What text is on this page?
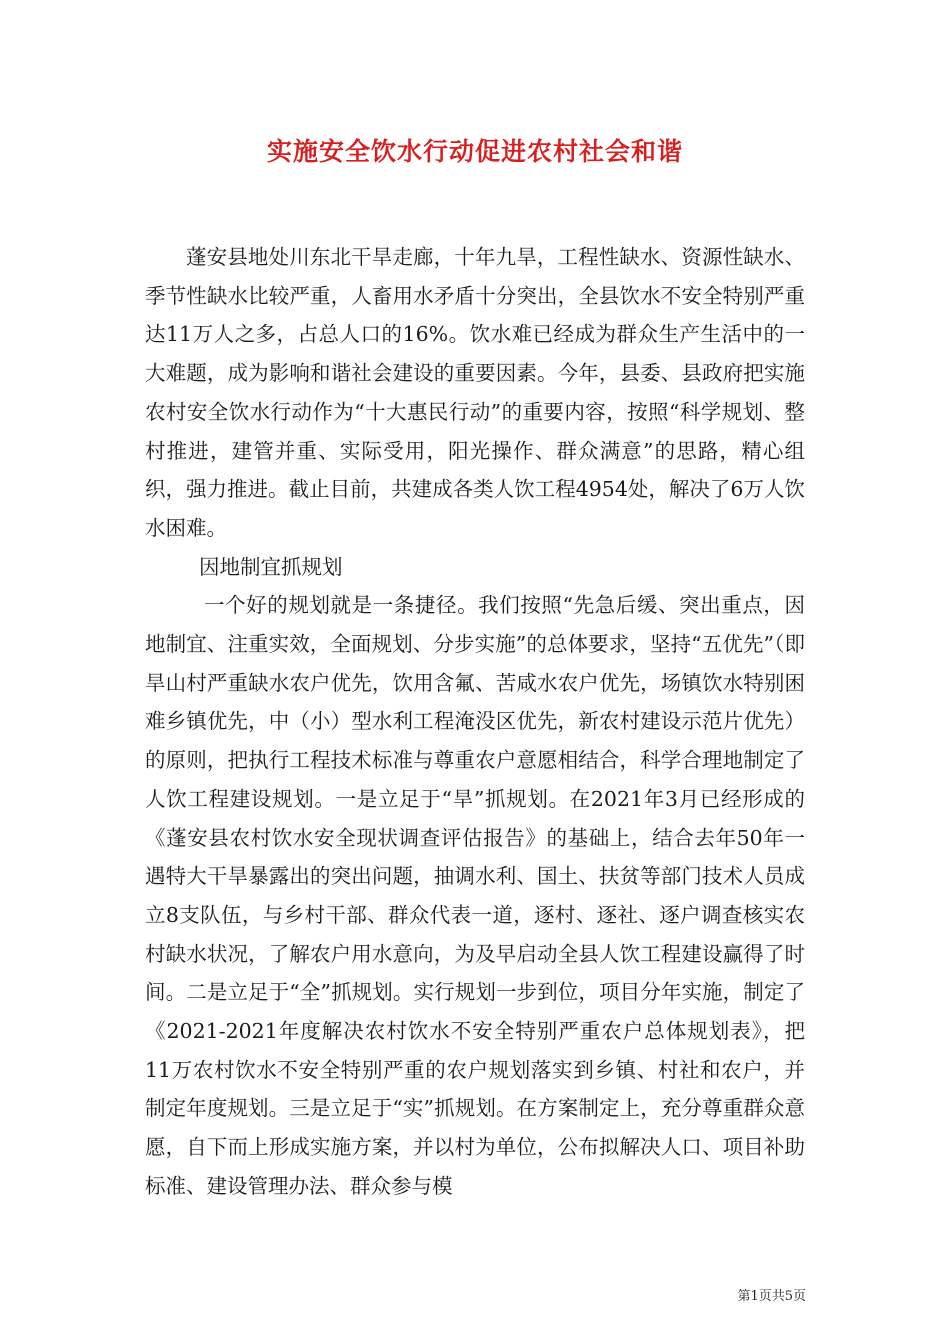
实施安全饮水行动促进农村社会和谐

蓬安县地处川东北干旱走廊，十年九旱，工程性缺水、资源性缺水、季节性缺水比较严重，人畜用水矛盾十分突出，全县饮水不安全特别严重达11万人之多，占总人口的16%。饮水难已经成为群众生产生活中的一大难题，成为影响和谐社会建设的重要因素。今年，县委、县政府把实施农村安全饮水行动作为“十大惠民行动”的重要内容，按照“科学规划、整村推进，建管并重、实际受用，阳光操作、群众满意”的思路，精心组织，强力推进。截止目前，共建成各类人饮工程4954处，解决了6万人饮水困难。

因地制宜抓规划

一个好的规划就是一条捷径。我们按照“先急后缓、突出重点，因地制宜、注重实效，全面规划、分步实施”的总体要求，坚持“五优先”（即旱山村严重缺水农户优先，饮用含氟、苦咸水农户优先，场镇饮水特别困难乡镇优先，中（小）型水利工程淹没区优先，新农村建设示范片优先）的原则，把执行工程技术标准与尊重农户意愿相结合，科学合理地制定了人饮工程建设规划。一是立足于“旱”抓规划。在2021年3月已经形成的《蓬安县农村饮水安全现状调查评估报告》的基础上，结合去年50年一遇特大干旱暴露出的突出问题，抽调水利、国土、扶贫等部门技术人员成立8支队伍，与乡村干部、群众代表一道，逐村、逐社、逐户调查核实农村缺水状况，了解农户用水意向，为及早启动全县人饮工程建设赢得了时间。二是立足于“全”抓规划。实行规划一步到位，项目分年实施，制定了《2021-2021年度解决农村饮水不安全特别严重农户总体规划表》，把11万农村饮水不安全特别严重的农户规划落实到乡镇、村社和农户，并制定年度规划。三是立足于“实”抓规划。在方案制定上，充分尊重群众意愿，自下而上形成实施方案，并以村为单位，公布拟解决人口、项目补助标准、建设管理办法、群众参与模

第1页共5页
